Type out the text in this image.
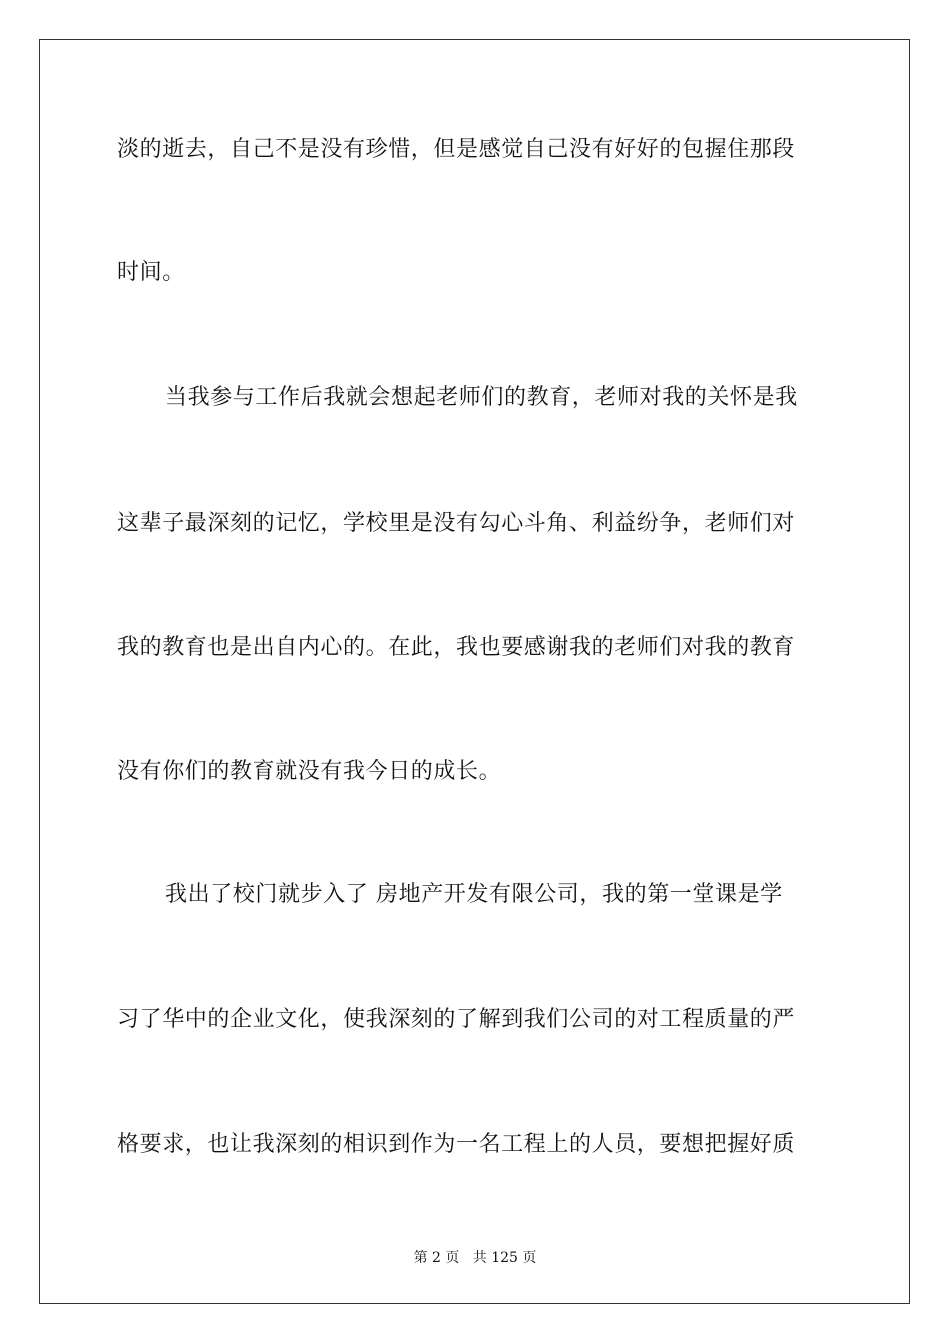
淡的逝去，自己不是没有珍惜，但是感觉自己没有好好的包握住那段
时间。
当我参与工作后我就会想起老师们的教育，老师对我的关怀是我
这辈子最深刻的记忆，学校里是没有勾心斗角、利益纷争，老师们对
我的教育也是出自内心的。在此，我也要感谢我的老师们对我的教育
没有你们的教育就没有我今日的成长。
我出了校门就步入了 房地产开发有限公司，我的第一堂课是学
习了华中的企业文化，使我深刻的了解到我们公司的对工程质量的严
格要求，也让我深刻的相识到作为一名工程上的人员，要想把握好质
第 2 页   共 125 页
